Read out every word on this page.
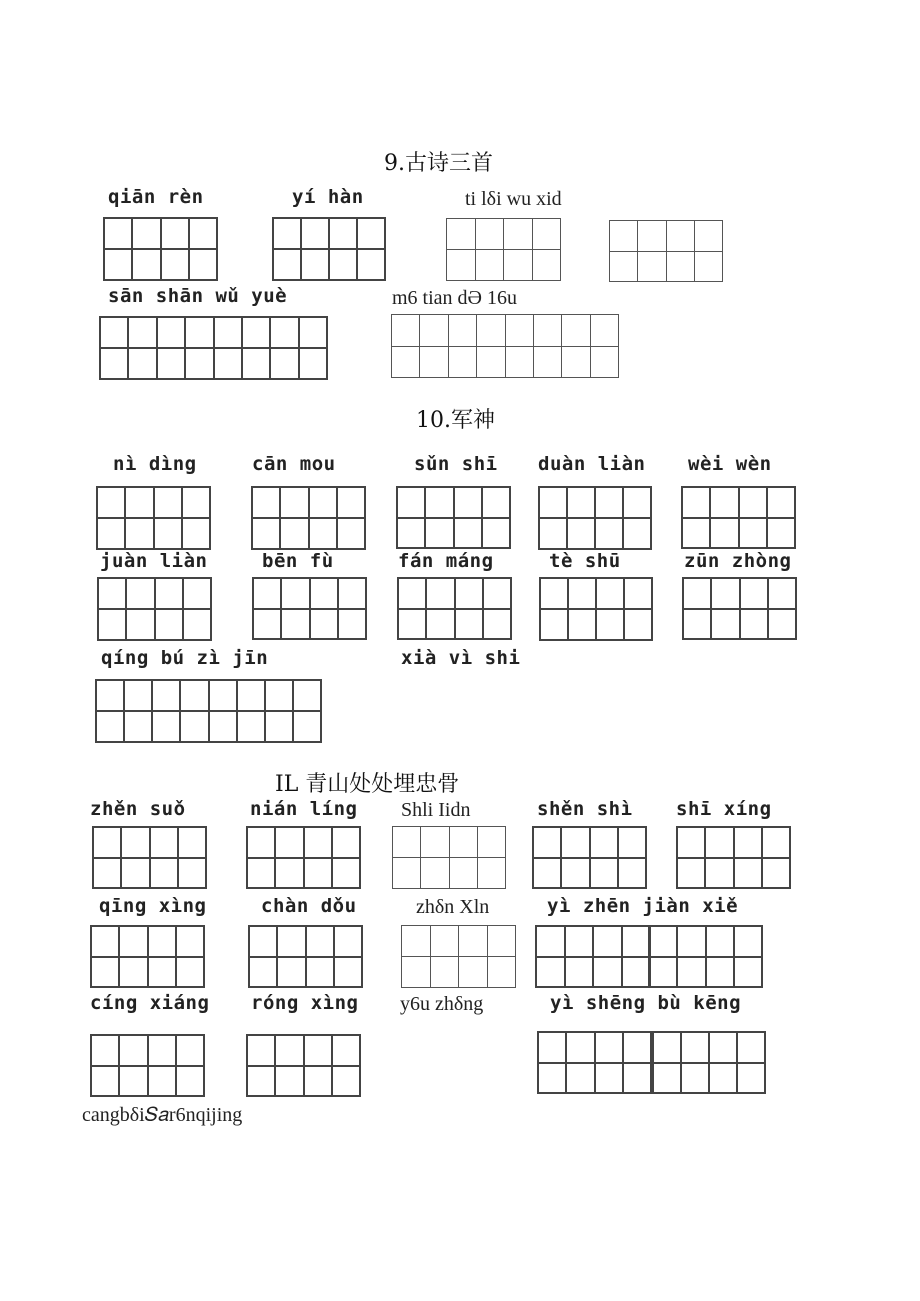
9.古诗三首
qiān rèn	yí hàn	ti lδi wu xid
sān shān wǔ yuè	m6 tian dƏ 16u
10.军神
nì dìng	cān mou	sǔn shī duàn liàn wèi wèn
juàn liàn	bēn fù	fán máng	tè shū	zūn zhòng
qíng bú zì jīn	xià vì shi
IL 青山处处埋忠骨
zhěn suǒ	nián líng Shli Iidn	shěn shì shī xíng
qīng xìng	chàn dǒu	zhδn Xln	yì zhēn jiàn xiě
cíng xiáng róng xìng y6u zhδng	yì shēng bù kēng
cangbδi𝑆𝑎r6nqijing
